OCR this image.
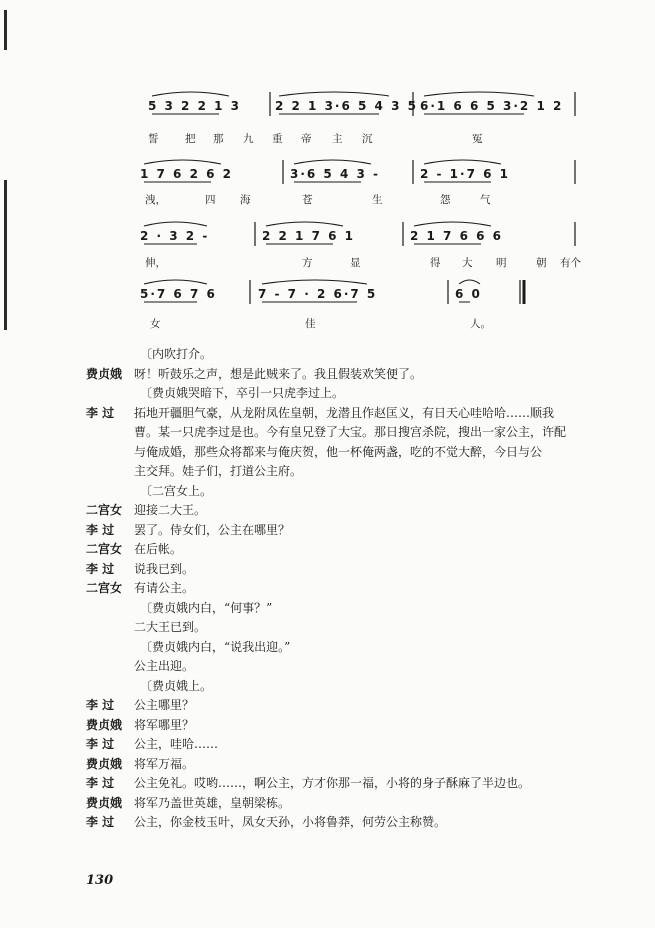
5 3 2 2 1 3	2 2 1 3·6 5 4 3 5 6·1 6 6 5 3·2 1 2
誓	把 那 九 重 帝 主 沉	冤
1 7 6 2 6 2	3·6 5 4 3 -	2 - 1·7 6 1
洩，	四 海	苍	生	怨	气
2 · 3 2 -	2 2 1 7 6 1	2 1 7 6 6 6
伸，	方	显	得 大 明	朝 有个
5·7 6 7 6	7 - 7 · 2 6·7 5	6 0
女	佳	人。
〔内吹打介。
费贞娥 呀！听鼓乐之声，想是此贼来了。我且假装欢笑便了。
〔费贞娥哭暗下，卒引一只虎李过上。
李 过	拓地开疆胆气豪，从龙附凤佐皇朝，龙潜且作赵匡义，有日天心哇哈哈……顺我
曹。某一只虎李过是也。今有皇兄登了大宝。那日搜宫杀院，搜出一家公主，许配
与俺成婚，那些众将都来与俺庆贺，他一杯俺两盏，吃的不觉大醉，今日与公
主交拜。娃子们，打道公主府。
〔二宫女上。
二宫女 迎接二大王。
李 过	罢了。侍女们，公主在哪里？
二宫女 在后帐。
李 过	说我已到。
二宫女 有请公主。
〔费贞娥内白，“何事？”
二大王已到。
〔费贞娥内白，“说我出迎。”
公主出迎。
〔费贞娥上。
李 过	公主哪里？
费贞娥 将军哪里？
李 过	公主，哇哈……
费贞娥 将军万福。
李 过	公主免礼。哎哟……，啊公主，方才你那一福，小将的身子酥麻了半边也。
费贞娥 将军乃盖世英雄，皇朝梁栋。
李 过	公主，你金枝玉叶，凤女天孙，小将鲁莽，何劳公主称赞。
130
